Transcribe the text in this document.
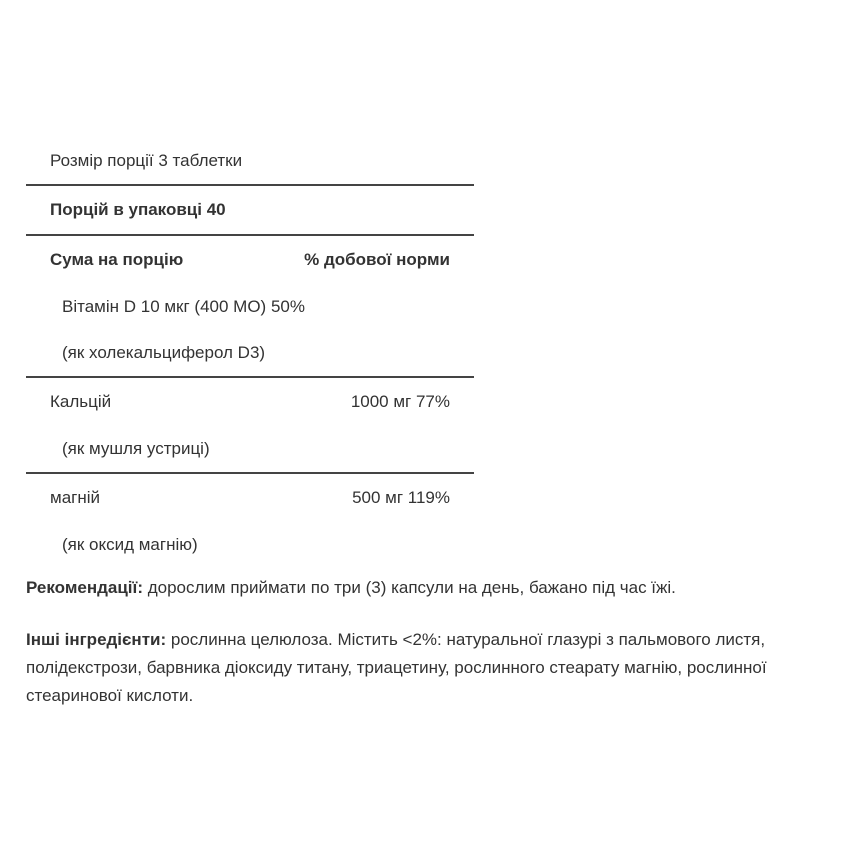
Розмір порції 3 таблетки
Порцій в упаковці 40
Сума на порцію	% добової норми
Вітамін D 10 мкг (400 МО) 50%
(як холекальциферол D3)
Кальцій	1000 мг 77%
(як мушля устриці)
магній	500 мг 119%
(як оксид магнію)
Рекомендації: дорослим приймати по три (3) капсули на день, бажано під час їжі.
Інші інгредієнти: рослинна целюлоза. Містить <2%: натуральної глазурі з пальмового листя, полідекстрози, барвника діоксиду титану, триацетину, рослинного стеарату магнію, рослинної стеаринової кислоти.
